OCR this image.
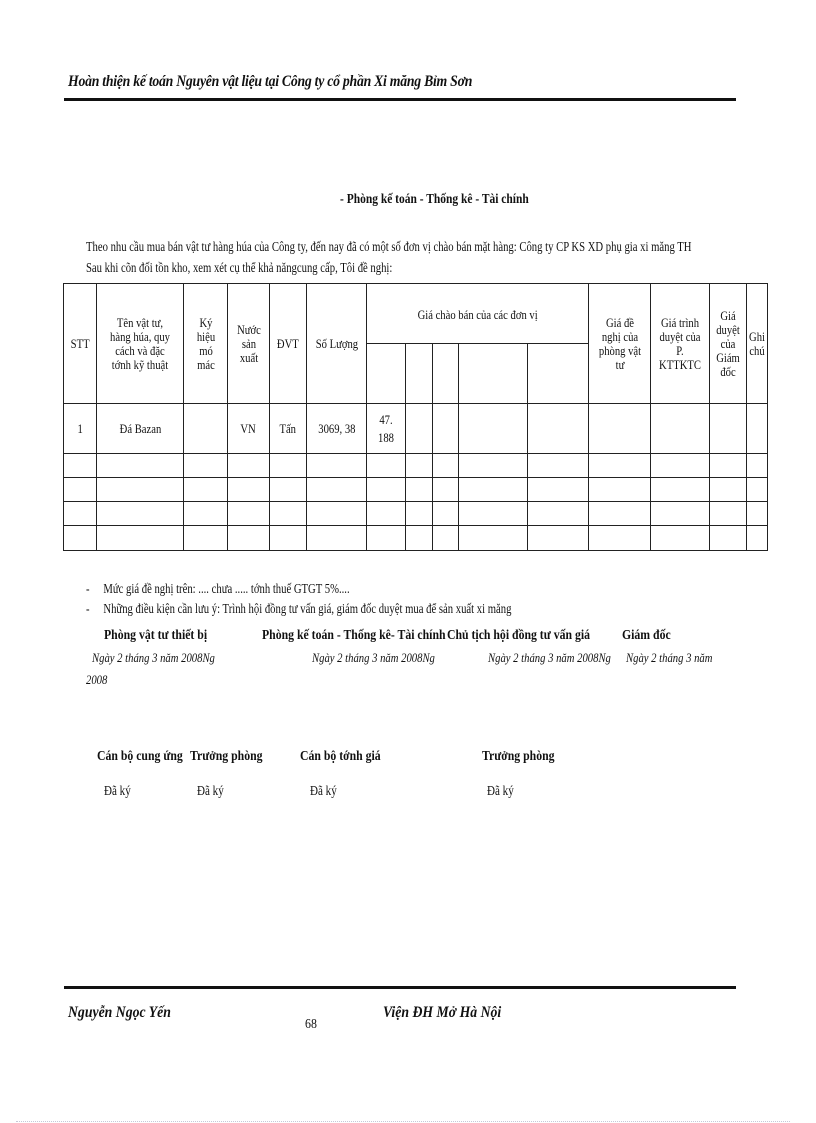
Hoàn thiện kế toán Nguyên vật liệu tại Công ty cổ phần Xi măng Bỉm Sơn
- Phòng kế toán - Thống kê - Tài chính
Theo nhu cầu mua bán vật tư hàng húa của Công ty, đến nay đã có một số đơn vị chào bán mặt hàng: Công ty CP KS XD phụ gia xi măng TH
Sau khi cõn đối tồn kho, xem xét cụ thể khả năngcung cấp, Tôi đề nghị:
STT	Tên vật tư, hàng húa, quy cách và đặc tớnh kỹ thuật	Ký hiệu mó mác	Nước sản xuất	ĐVT	Số Lượng	Giá chào bán của các đơn vị					Giá đề nghị của phòng vật tư	Giá trình duyệt của P. KTTKTC	Giá duyệt của Giám đốc	Ghi chú

1	Đá Bazan		VN	Tấn	3069, 38	47. 188								

- Mức giá đề nghị trên: .... chưa ..... tớnh thuế GTGT 5%....
- Những điều kiện cần lưu ý: Trình hội đồng tư vấn giá, giám đốc duyệt mua để sản xuất xi măng
Phòng vật tư thiết bị	Phòng kế toán - Thống kê- Tài chính Chủ tịch hội đồng tư vấn giá Giám đốc
Ngày 2 tháng 3 năm 2008Ng	Ngày 2 tháng 3 năm 2008Ng	Ngày 2 tháng 3 năm 2008Ng Ngày 2 tháng 3 năm
2008
Cán bộ cung ứng Trưởng phòng	Cán bộ tớnh giá	Trưởng phòng
Đã ký	Đã ký	Đã ký	Đã ký
Nguyễn Ngọc Yến
68
Viện ĐH Mở Hà Nội
